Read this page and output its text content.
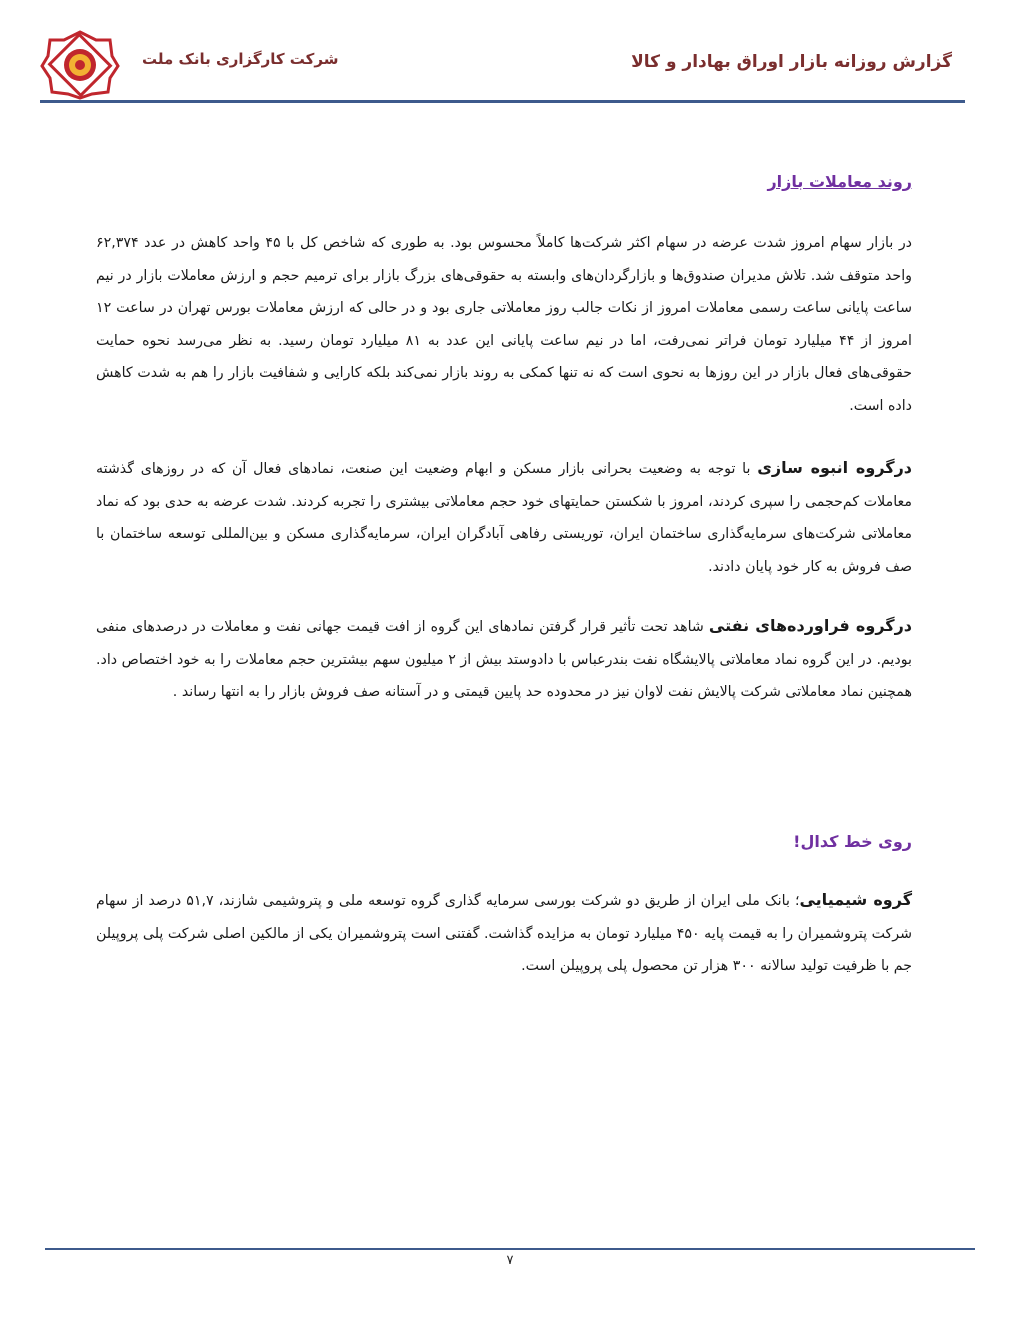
گزارش روزانه بازار اوراق بهادار و کالا
شرکت کارگزاری بانک ملت
روند معاملات بازار

در بازار سهام امروز شدت عرضه در سهام اکثر شرکت‌ها کاملاً محسوس بود. به طوری که شاخص کل با ۴۵ واحد کاهش در عدد ۶۲,۳۷۴ واحد متوقف شد. تلاش مدیران صندوق‌ها و بازارگردان‌های وابسته به حقوقی‌های بزرگ بازار برای ترمیم حجم و ارزش معاملات بازار در نیم ساعت پایانی ساعت رسمی معاملات امروز از نکات جالب روز معاملاتی جاری بود و در حالی که ارزش معاملات بورس تهران در ساعت ۱۲ امروز از ۴۴ میلیارد تومان فراتر نمی‌رفت، اما در نیم ساعت پایانی این عدد به ۸۱ میلیارد تومان رسید. به نظر می‌رسد نحوه حمایت حقوقی‌های فعال بازار در این روزها به نحوی است که نه تنها کمکی به روند بازار نمی‌کند بلکه کارایی و شفافیت بازار را هم به شدت کاهش داده است.

درگروه انبوه سازی با توجه به وضعیت بحرانی بازار مسکن و ابهام وضعیت این صنعت، نمادهای فعال آن که در روزهای گذشته معاملات کم‌حجمی را سپری کردند، امروز با شکستن حمایتهای خود حجم معاملاتی بیشتری را تجربه کردند. شدت عرضه به حدی بود که نماد معاملاتی شرکت‌های سرمایه‌گذاری ساختمان ایران، توریستی رفاهی آبادگران ایران، سرمایه‌گذاری مسکن و بین‌المللی توسعه ساختمان با صف فروش به کار خود پایان دادند.

درگروه فراورده‌های نفتی شاهد تحت تأثیر قرار گرفتن نمادهای این گروه از افت قیمت جهانی نفت و معاملات در درصدهای منفی بودیم. در این گروه نماد معاملاتی پالایشگاه نفت بندرعباس با دادوستد بیش از ۲ میلیون سهم بیشترین حجم معاملات را به خود اختصاص داد. همچنین نماد معاملاتی شرکت پالایش نفت لاوان نیز در محدوده حد پایین قیمتی و در آستانه صف فروش بازار را به انتها رساند .

روی خط کدال!

گروه شیمیایی؛ بانک ملی ایران از طریق دو شرکت بورسی سرمایه گذاری گروه توسعه ملی و پتروشیمی شازند، ۵۱,۷ درصد از سهام شرکت پتروشمیران را به قیمت پایه ۴۵۰ میلیارد تومان به مزایده گذاشت. گفتنی است پتروشمیران یکی از مالکین اصلی شرکت پلی پروپیلن جم با ظرفیت تولید سالانه ۳۰۰ هزار تن محصول پلی پروپیلن است.

۷
